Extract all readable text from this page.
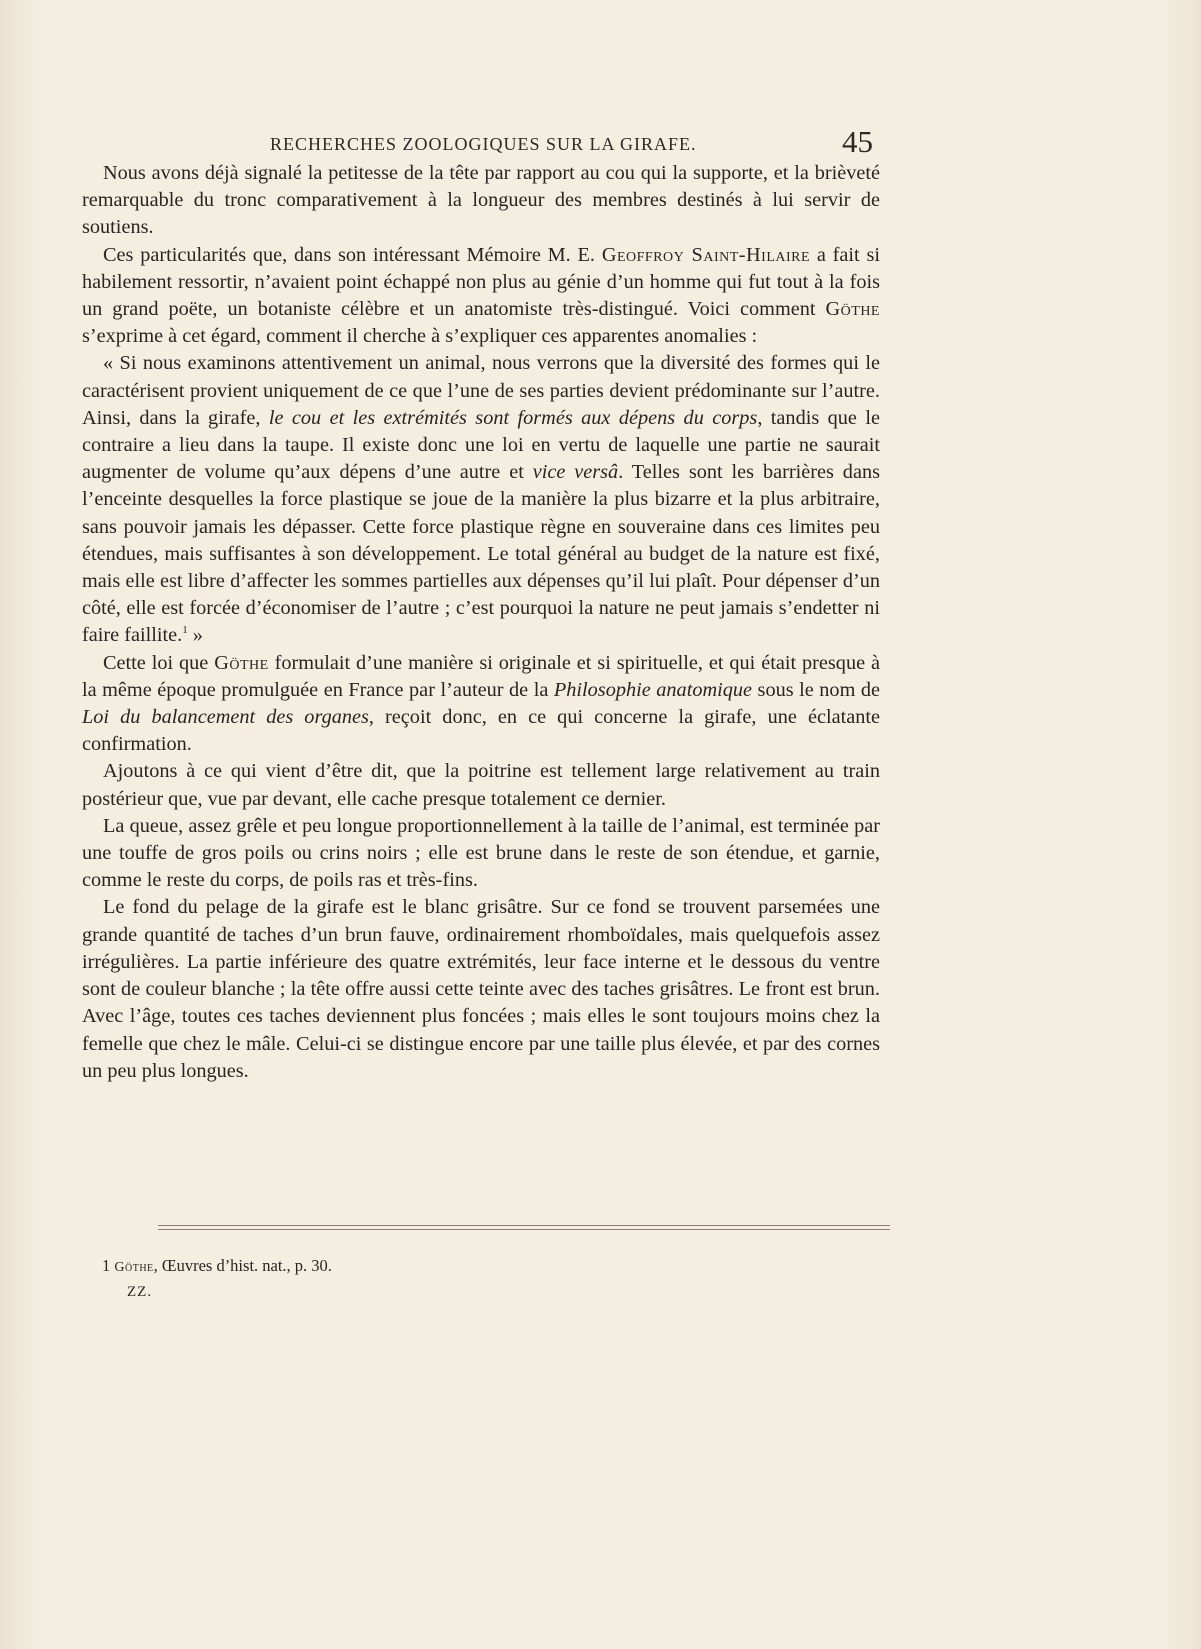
RECHERCHES ZOOLOGIQUES SUR LA GIRAFE.	45

Nous avons déjà signalé la petitesse de la tête par rapport au cou qui la supporte, et la brièveté remarquable du tronc comparativement à la longueur des membres destinés à lui servir de soutiens.

Ces particularités que, dans son intéressant Mémoire M. E. Geoffroy Saint-Hilaire a fait si habilement ressortir, n’avaient point échappé non plus au génie d’un homme qui fut tout à la fois un grand poëte, un botaniste célèbre et un anatomiste très-distingué. Voici comment Göthe s’exprime à cet égard, comment il cherche à s’expliquer ces apparentes anomalies :

« Si nous examinons attentivement un animal, nous verrons que la diversité des formes qui le caractérisent provient uniquement de ce que l’une de ses parties devient prédominante sur l’autre. Ainsi, dans la girafe, le cou et les extrémités sont formés aux dépens du corps, tandis que le contraire a lieu dans la taupe. Il existe donc une loi en vertu de laquelle une partie ne saurait augmenter de volume qu’aux dépens d’une autre et vice versâ. Telles sont les barrières dans l’enceinte desquelles la force plastique se joue de la manière la plus bizarre et la plus arbitraire, sans pouvoir jamais les dépasser. Cette force plastique règne en souveraine dans ces limites peu étendues, mais suffisantes à son développement. Le total général au budget de la nature est fixé, mais elle est libre d’affecter les sommes partielles aux dépenses qu’il lui plaît. Pour dépenser d’un côté, elle est forcée d’économiser de l’autre ; c’est pourquoi la nature ne peut jamais s’endetter ni faire faillite.$^1$ »

Cette loi que Göthe formulait d’une manière si originale et si spirituelle, et qui était presque à la même époque promulguée en France par l’auteur de la Philosophie anatomique sous le nom de Loi du balancement des organes, reçoit donc, en ce qui concerne la girafe, une éclatante confirmation.

Ajoutons à ce qui vient d’être dit, que la poitrine est tellement large relativement au train postérieur que, vue par devant, elle cache presque totalement ce dernier.

La queue, assez grêle et peu longue proportionnellement à la taille de l’animal, est terminée par une touffe de gros poils ou crins noirs ; elle est brune dans le reste de son étendue, et garnie, comme le reste du corps, de poils ras et très-fins.

Le fond du pelage de la girafe est le blanc grisâtre. Sur ce fond se trouvent parsemées une grande quantité de taches d’un brun fauve, ordinairement rhomboïdales, mais quelquefois assez irrégulières. La partie inférieure des quatre extrémités, leur face interne et le dessous du ventre sont de couleur blanche ; la tête offre aussi cette teinte avec des taches grisâtres. Le front est brun. Avec l’âge, toutes ces taches deviennent plus foncées ; mais elles le sont toujours moins chez la femelle que chez le mâle. Celui-ci se distingue encore par une taille plus élevée, et par des cornes un peu plus longues.

1 Göthe, Œuvres d’hist. nat., p. 30.
ZZ.
